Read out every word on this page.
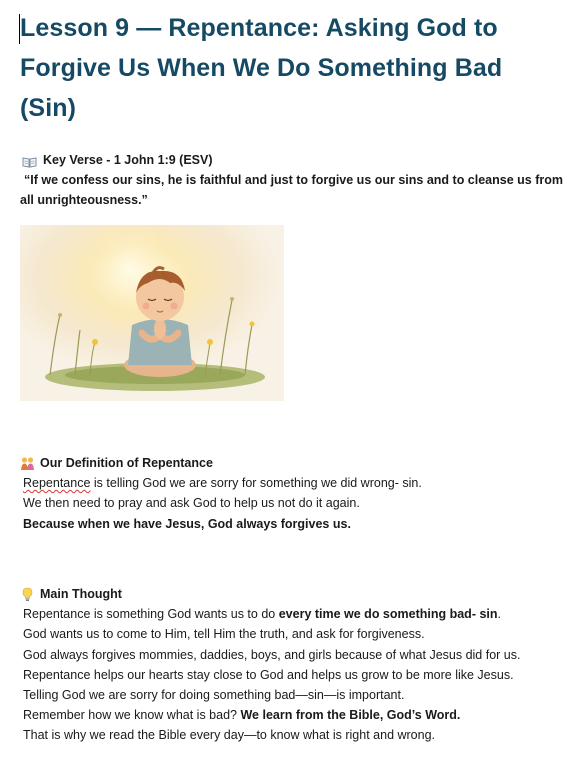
Lesson 9 — Repentance: Asking God to Forgive Us When We Do Something Bad (Sin)
Key Verse - 1 John 1:9 (ESV)

“If we confess our sins, he is faithful and just to forgive us our sins and to cleanse us from all unrighteousness.”

Our Definition of Repentance

Repentance is telling God we are sorry for something we did wrong- sin.

We then need to pray and ask God to help us not do it again.

Because when we have Jesus, God always forgives us.

Main Thought

Repentance is something God wants us to do every time we do something bad- sin.

God wants us to come to Him, tell Him the truth, and ask for forgiveness.

God always forgives mommies, daddies, boys, and girls because of what Jesus did for us.

Repentance helps our hearts stay close to God and helps us grow to be more like Jesus.

Telling God we are sorry for doing something bad—sin—is important.

Remember how we know what is bad? We learn from the Bible, God’s Word.

That is why we read the Bible every day—to know what is right and wrong.
